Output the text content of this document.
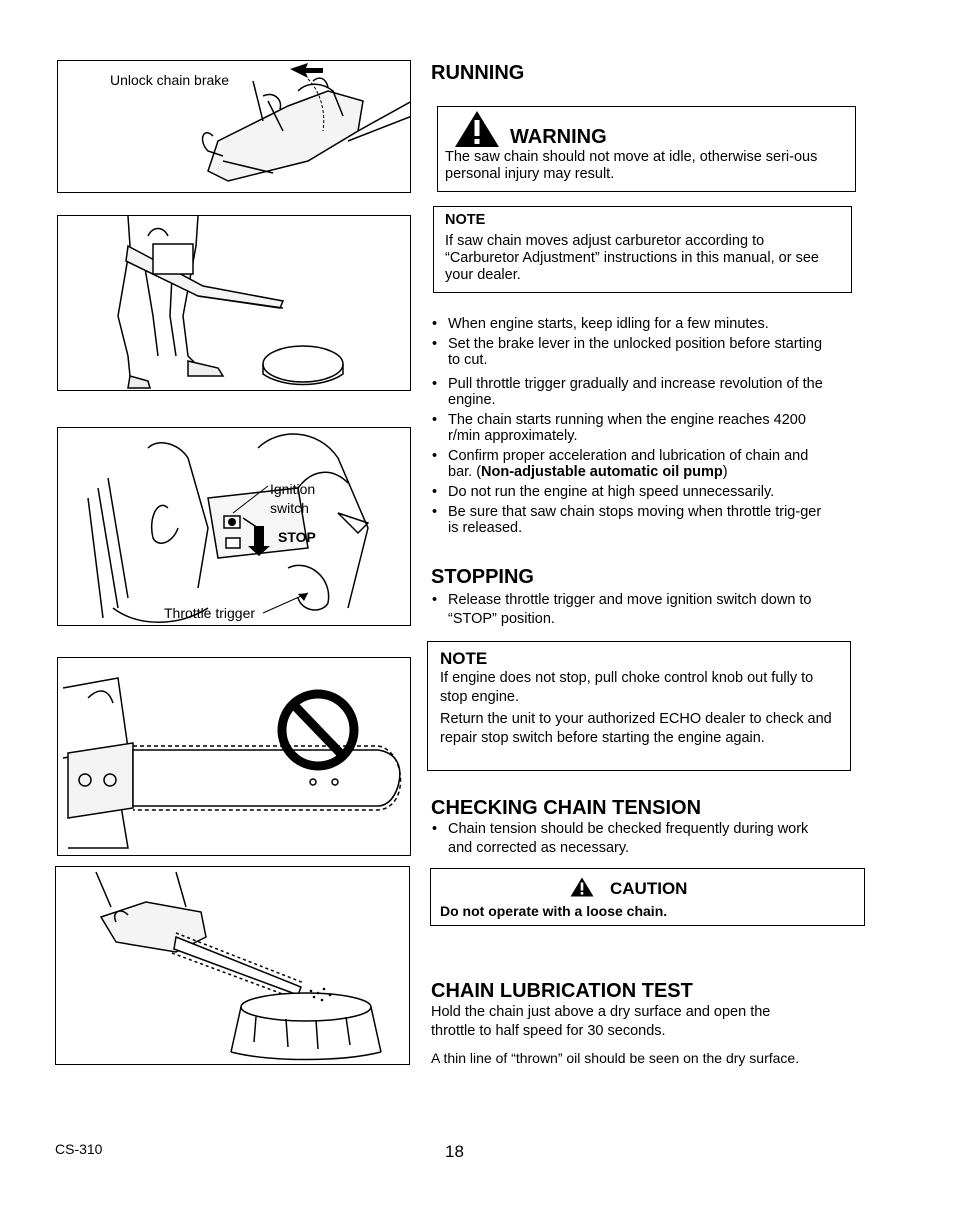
Unlock chain brake
Ignition
switch
STOP
Throttle trigger
RUNNING
WARNING
The saw chain should not move at idle, otherwise seri-ous personal injury may result.
NOTE
If saw chain moves adjust carburetor according to “Carburetor Adjustment” instructions in this manual, or see your dealer.
• When engine starts, keep idling for a few minutes.
• Set the brake lever in the unlocked position before starting to cut.
• Pull throttle trigger gradually and increase revolution of the engine.
• The chain starts running when the engine reaches 4200 r/min approximately.
• Confirm proper acceleration and lubrication of chain and bar. (Non-adjustable automatic oil pump)
• Do not run the engine at high speed unnecessarily.
• Be sure that saw chain stops moving when throttle trig-ger is released.
STOPPING
• Release throttle trigger and move ignition switch down to “STOP” position.
NOTE
If engine does not stop, pull choke control knob out fully to stop engine.
Return the unit to your authorized ECHO dealer to check and repair stop switch before starting the engine again.
CHECKING CHAIN TENSION
• Chain tension should be checked frequently during work and corrected as necessary.
CAUTION
Do not operate with a loose chain.
CHAIN LUBRICATION TEST
Hold the chain just above a dry surface and open the throttle to half speed for 30 seconds.
A thin line of “thrown” oil should be seen on the dry surface.
CS-310	18
